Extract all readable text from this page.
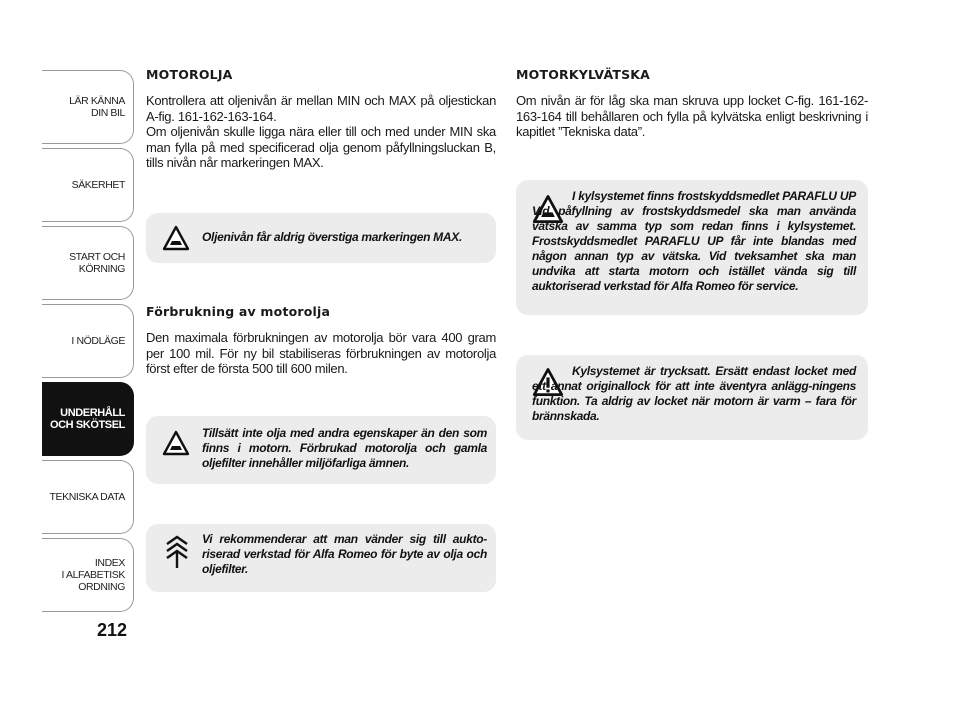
LÄR KÄNNA
DIN BIL
SÄKERHET
START OCH
KÖRNING
I NÖDLÄGE
UNDERHÅLL
OCH SKÖTSEL
TEKNISKA DATA
INDEX
I ALFABETISK
ORDNING
212

MOTOROLJA

Kontrollera att oljenivån är mellan MIN och MAX på oljestickan A-fig. 161-162-163-164.

Om oljenivån skulle ligga nära eller till och med under MIN ska man fylla på med specificerad olja genom påfyllningsluckan B, tills nivån når markeringen MAX.

Oljenivån får aldrig överstiga markeringen MAX.

Förbrukning av motorolja

Den maximala förbrukningen av motorolja bör vara 400 gram per 100 mil. För ny bil stabiliseras förbrukningen av motorolja först efter de första 500 till 600 milen.

Tillsätt inte olja med andra egenskaper än den som finns i motorn. Förbrukad motorolja och gamla oljefilter innehåller miljöfarliga ämnen.
Vi rekommenderar att man vänder sig till aukto-riserad verkstad för Alfa Romeo för byte av olja och oljefilter.

MOTORKYLVÄTSKA

Om nivån är för låg ska man skruva upp locket C-fig. 161-162-163-164 till behållaren och fylla på kylvätska enligt beskrivning i kapitlet ”Tekniska data”.

I kylsystemet finns frostskyddsmedlet PARAFLU UP Vid påfyllning av frostskyddsmedel ska man använda vätska av samma typ som redan finns i kylsystemet. Frostskyddsmedlet PARAFLU UP får inte blandas med någon annan typ av vätska. Vid tveksamhet ska man undvika att starta motorn och istället vända sig till auktoriserad verkstad för Alfa Romeo för service.
Kylsystemet är trycksatt. Ersätt endast locket med ett annat originallock för att inte äventyra anlägg-ningens funktion. Ta aldrig av locket när motorn är varm – fara för brännskada.
